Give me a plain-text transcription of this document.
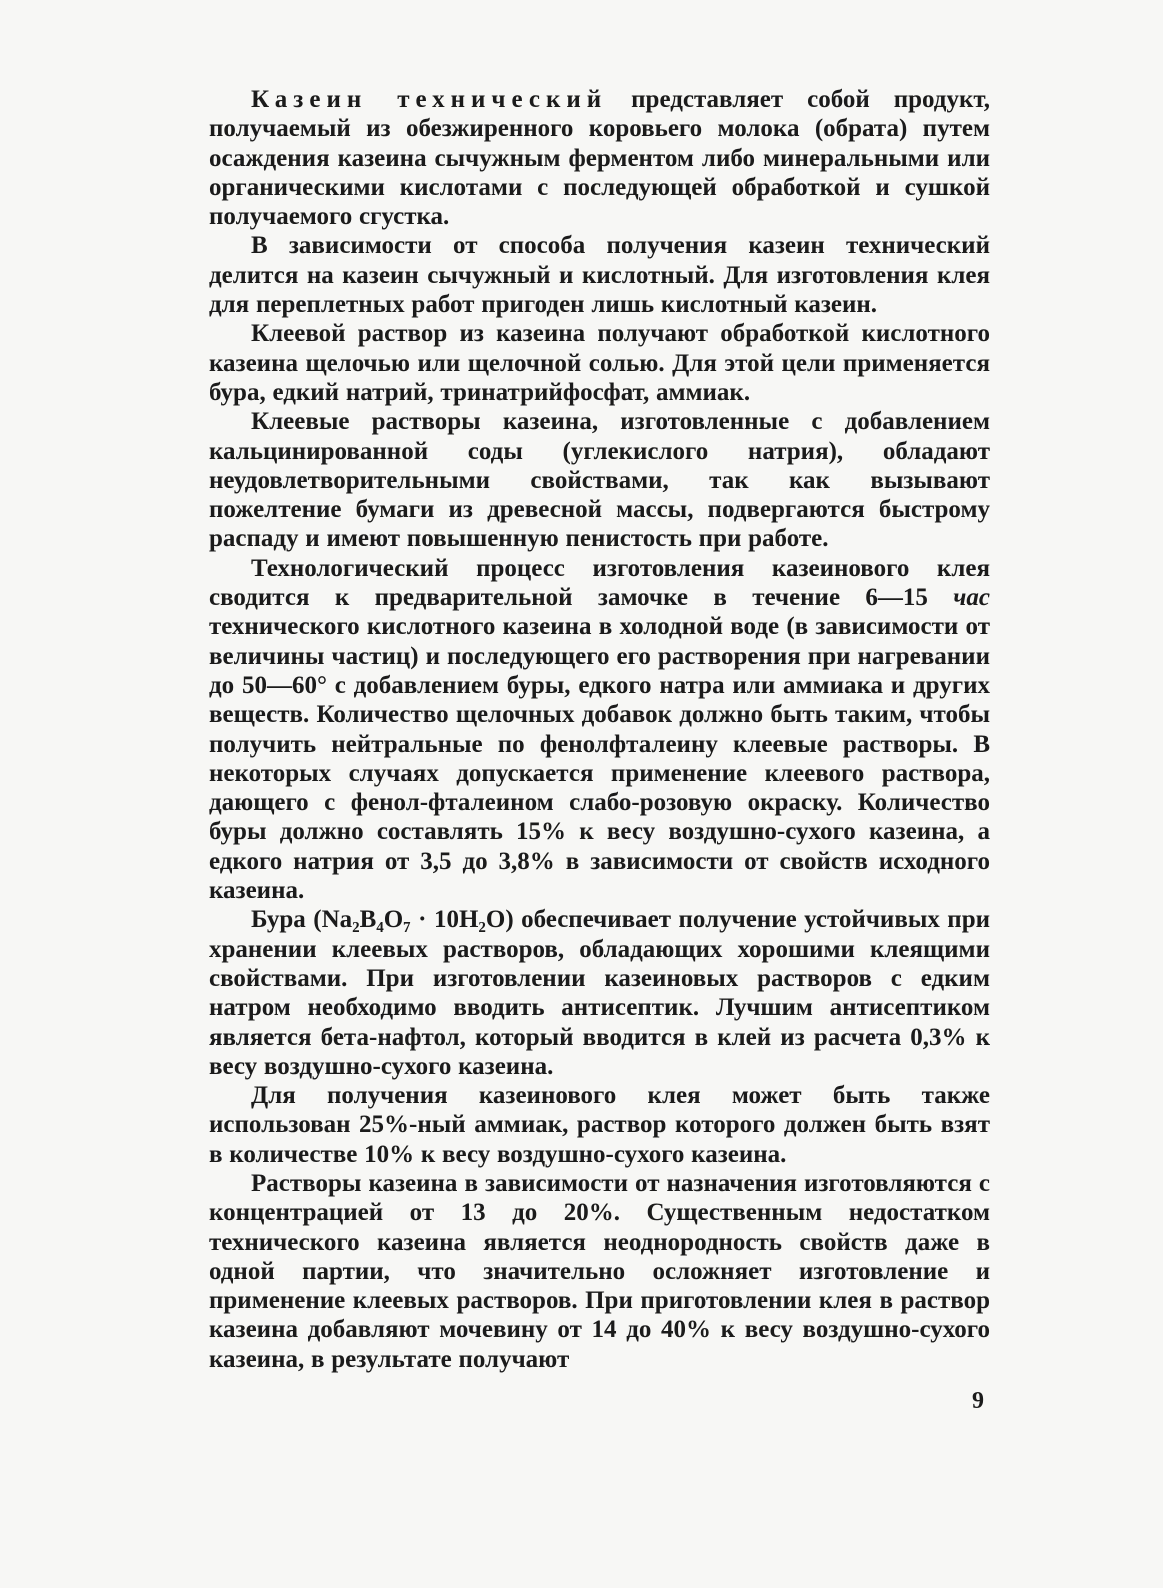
Казеин технический представляет собой продукт, получаемый из обезжиренного коровьего молока (обрата) путем осаждения казеина сычужным ферментом либо минеральными или органическими кислотами с последующей обработкой и сушкой получаемого сгустка.

В зависимости от способа получения казеин технический делится на казеин сычужный и кислотный. Для изготовления клея для переплетных работ пригоден лишь кислотный казеин.

Клеевой раствор из казеина получают обработкой кислотного казеина щелочью или щелочной солью. Для этой цели применяется бура, едкий натрий, тринатрийфосфат, аммиак.

Клеевые растворы казеина, изготовленные с добавлением кальцинированной соды (углекислого натрия), обладают неудовлетворительными свойствами, так как вызывают пожелтение бумаги из древесной массы, подвергаются быстрому распаду и имеют повышенную пенистость при работе.

Технологический процесс изготовления казеинового клея сводится к предварительной замочке в течение 6—15 час технического кислотного казеина в холодной воде (в зависимости от величины частиц) и последующего его растворения при нагревании до 50—60° с добавлением буры, едкого натра или аммиака и других веществ. Количество щелочных добавок должно быть таким, чтобы получить нейтральные по фенолфталеину клеевые растворы. В некоторых случаях допускается применение клеевого раствора, дающего с фенол-фталеином слабо-розовую окраску. Количество буры должно составлять 15% к весу воздушно-сухого казеина, а едкого натрия от 3,5 до 3,8% в зависимости от свойств исходного казеина.

Бура (Na₂B₄O₇ · 10H₂O) обеспечивает получение устойчивых при хранении клеевых растворов, обладающих хорошими клеящими свойствами. При изготовлении казеиновых растворов с едким натром необходимо вводить антисептик. Лучшим антисептиком является бета-нафтол, который вводится в клей из расчета 0,3% к весу воздушно-сухого казеина.

Для получения казеинового клея может быть также использован 25%-ный аммиак, раствор которого должен быть взят в количестве 10% к весу воздушно-сухого казеина.

Растворы казеина в зависимости от назначения изготовляются с концентрацией от 13 до 20%. Существенным недостатком технического казеина является неоднородность свойств даже в одной партии, что значительно осложняет изготовление и применение клеевых растворов. При приготовлении клея в раствор казеина добавляют мочевину от 14 до 40% к весу воздушно-сухого казеина, в результате получают

9
